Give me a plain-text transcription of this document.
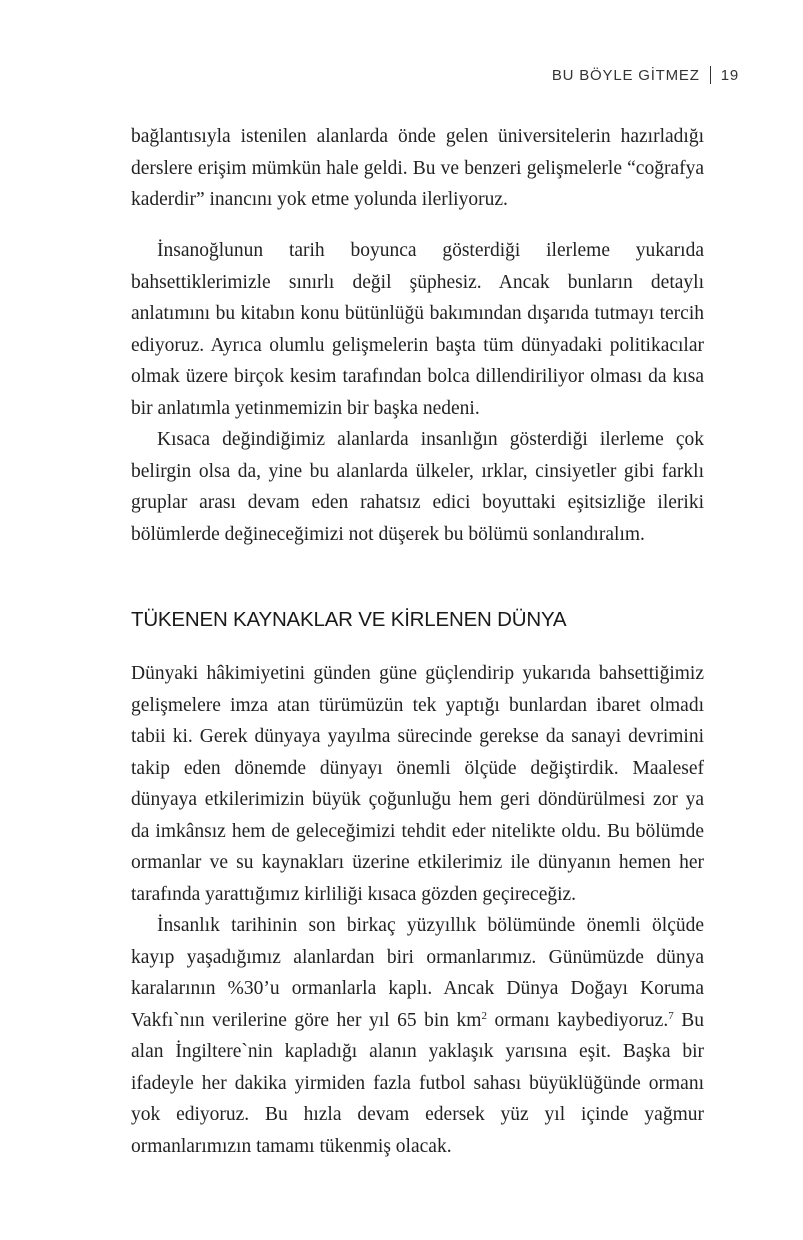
BU BÖYLE GİTMEZ 19

bağlantısıyla istenilen alanlarda önde gelen üniversitelerin hazırladığı derslere erişim mümkün hale geldi. Bu ve benzeri gelişmelerle “coğrafya kaderdir” inancını yok etme yolunda ilerliyoruz.

İnsanoğlunun tarih boyunca gösterdiği ilerleme yukarıda bahsettiklerimizle sınırlı değil şüphesiz. Ancak bunların detaylı anlatımını bu kitabın konu bütünlüğü bakımından dışarıda tutmayı tercih ediyoruz. Ayrıca olumlu gelişmelerin başta tüm dünyadaki politikacılar olmak üzere birçok kesim tarafından bolca dillendiriliyor olması da kısa bir anlatımla yetinmemizin bir başka nedeni.

Kısaca değindiğimiz alanlarda insanlığın gösterdiği ilerleme çok belirgin olsa da, yine bu alanlarda ülkeler, ırklar, cinsiyetler gibi farklı gruplar arası devam eden rahatsız edici boyuttaki eşitsizliğe ileriki bölümlerde değineceğimizi not düşerek bu bölümü sonlandıralım.

TÜKENEN KAYNAKLAR VE KİRLENEN DÜNYA

Dünyaki hâkimiyetini günden güne güçlendirip yukarıda bahsettiğimiz gelişmelere imza atan türümüzün tek yaptığı bunlardan ibaret olmadı tabii ki. Gerek dünyaya yayılma sürecinde gerekse da sanayi devrimini takip eden dönemde dünyayı önemli ölçüde değiştirdik. Maalesef dünyaya etkilerimizin büyük çoğunluğu hem geri döndürülmesi zor ya da imkânsız hem de geleceğimizi tehdit eder nitelikte oldu. Bu bölümde ormanlar ve su kaynakları üzerine etkilerimiz ile dünyanın hemen her tarafında yarattığımız kirliliği kısaca gözden geçireceğiz.

İnsanlık tarihinin son birkaç yüzyıllık bölümünde önemli ölçüde kayıp yaşadığımız alanlardan biri ormanlarımız. Günümüzde dünya karalarının %30’u ormanlarla kaplı. Ancak Dünya Doğayı Koruma Vakfı`nın verilerine göre her yıl 65 bin $km^2$ ormanı kaybediyoruz.$^7$ Bu alan İngiltere`nin kapladığı alanın yaklaşık yarısına eşit. Başka bir ifadeyle her dakika yirmiden fazla futbol sahası büyüklüğünde ormanı yok ediyoruz. Bu hızla devam edersek yüz yıl içinde yağmur ormanlarımızın tamamı tükenmiş olacak.
